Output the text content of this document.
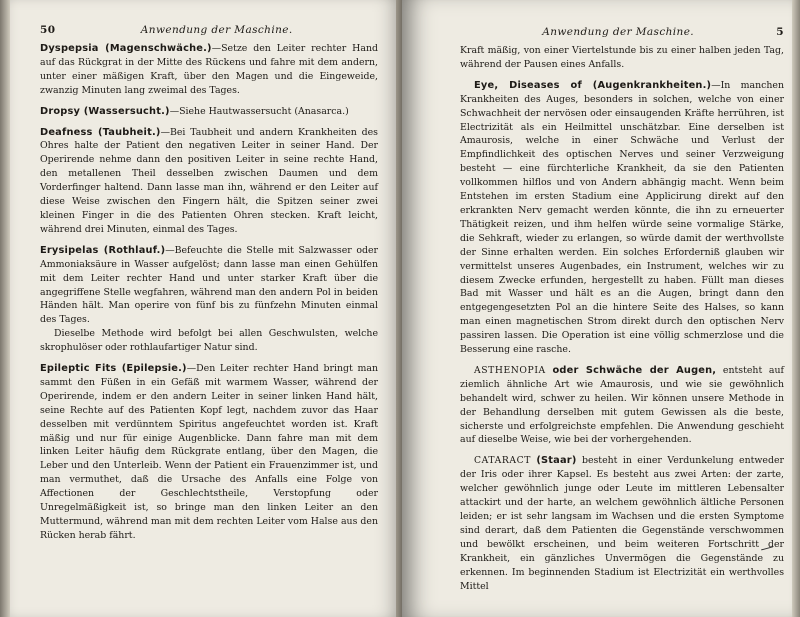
50	Anwendung der Maschine.

Dyspepsia (Magenschwäche.)—Setze den Leiter rechter Hand auf das Rückgrat in der Mitte des Rückens und fahre mit dem andern, unter einer mäßigen Kraft, über den Magen und die Eingeweide, zwanzig Minuten lang zweimal des Tages.

Dropsy (Wassersucht.)—Siehe Hautwassersucht (Anasarca.)

Deafness (Taubheit.)—Bei Taubheit und andern Krankheiten des Ohres halte der Patient den negativen Leiter in seiner Hand. Der Operirende nehme dann den positiven Leiter in seine rechte Hand, den metallenen Theil desselben zwischen Daumen und dem Vorderfinger haltend. Dann lasse man ihn, während er den Leiter auf diese Weise zwischen den Fingern hält, die Spitzen seiner zwei kleinen Finger in die des Patienten Ohren stecken. Kraft leicht, während drei Minuten, einmal des Tages.

Erysipelas (Rothlauf.)—Befeuchte die Stelle mit Salzwasser oder Ammoniaksäure in Wasser aufgelöst; dann lasse man einen Gehülfen mit dem Leiter rechter Hand und unter starker Kraft über die angegriffene Stelle wegfahren, während man den andern Pol in beiden Händen hält. Man operire von fünf bis zu fünfzehn Minuten einmal des Tages.

Dieselbe Methode wird befolgt bei allen Geschwulsten, welche skrophulöser oder rothlaufartiger Natur sind.

Epileptic Fits (Epilepsie.)—Den Leiter rechter Hand bringt man sammt den Füßen in ein Gefäß mit warmem Wasser, während der Operirende, indem er den andern Leiter in seiner linken Hand hält, seine Rechte auf des Patienten Kopf legt, nachdem zuvor das Haar desselben mit verdünntem Spiritus angefeuchtet worden ist. Kraft mäßig und nur für einige Augenblicke. Dann fahre man mit dem linken Leiter häufig dem Rückgrate entlang, über den Magen, die Leber und den Unterleib. Wenn der Patient ein Frauenzimmer ist, und man vermuthet, daß die Ursache des Anfalls eine Folge von Affectionen der Geschlechtstheile, Verstopfung oder Unregelmäßigkeit ist, so bringe man den linken Leiter an den Muttermund, während man mit dem rechten Leiter vom Halse aus den Rücken herab fährt.

Anwendung der Maschine.	5

Kraft mäßig, von einer Viertelstunde bis zu einer halben jeden Tag, während der Pausen eines Anfalls.

Eye, Diseases of (Augenkrankheiten.)—In manchen Krankheiten des Auges, besonders in solchen, welche von einer Schwachheit der nervösen oder einsaugenden Kräfte herrühren, ist Electrizität als ein Heilmittel unschätzbar. Eine derselben ist Amaurosis, welche in einer Schwäche und Verlust der Empfindlichkeit des optischen Nerves und seiner Verzweigung besteht — eine fürchterliche Krankheit, da sie den Patienten vollkommen hilflos und von Andern abhängig macht. Wenn beim Entstehen im ersten Stadium eine Applicirung direkt auf den erkrankten Nerv gemacht werden könnte, die ihn zu erneuerter Thätigkeit reizen, und ihm helfen würde seine vormalige Stärke, die Sehkraft, wieder zu erlangen, so würde damit der werthvollste der Sinne erhalten werden. Ein solches Erforderniß glauben wir vermittelst unseres Augenbades, ein Instrument, welches wir zu diesem Zwecke erfunden, hergestellt zu haben. Füllt man dieses Bad mit Wasser und hält es an die Augen, bringt dann den entgegengesetzten Pol an die hintere Seite des Halses, so kann man einen magnetischen Strom direkt durch den optischen Nerv passiren lassen. Die Operation ist eine völlig schmerzlose und die Besserung eine rasche.

ASTHENOPIA oder Schwäche der Augen, entsteht auf ziemlich ähnliche Art wie Amaurosis, und wie sie gewöhnlich behandelt wird, schwer zu heilen. Wir können unsere Methode in der Behandlung derselben mit gutem Gewissen als die beste, sicherste und erfolgreichste empfehlen. Die Anwendung geschieht auf dieselbe Weise, wie bei der vorhergehenden.

CATARACT (Staar) besteht in einer Verdunkelung entweder der Iris oder ihrer Kapsel. Es besteht aus zwei Arten: der zarte, welcher gewöhnlich junge oder Leute im mittleren Lebensalter attackirt und der harte, an welchem gewöhnlich ältliche Personen leiden; er ist sehr langsam im Wachsen und die ersten Symptome sind derart, daß dem Patienten die Gegenstände verschwommen und bewölkt erscheinen, und beim weiteren Fortschritt der Krankheit, ein gänzliches Unvermögen die Gegenstände zu erkennen. Im beginnenden Stadium ist Electrizität ein werthvolles Mittel
